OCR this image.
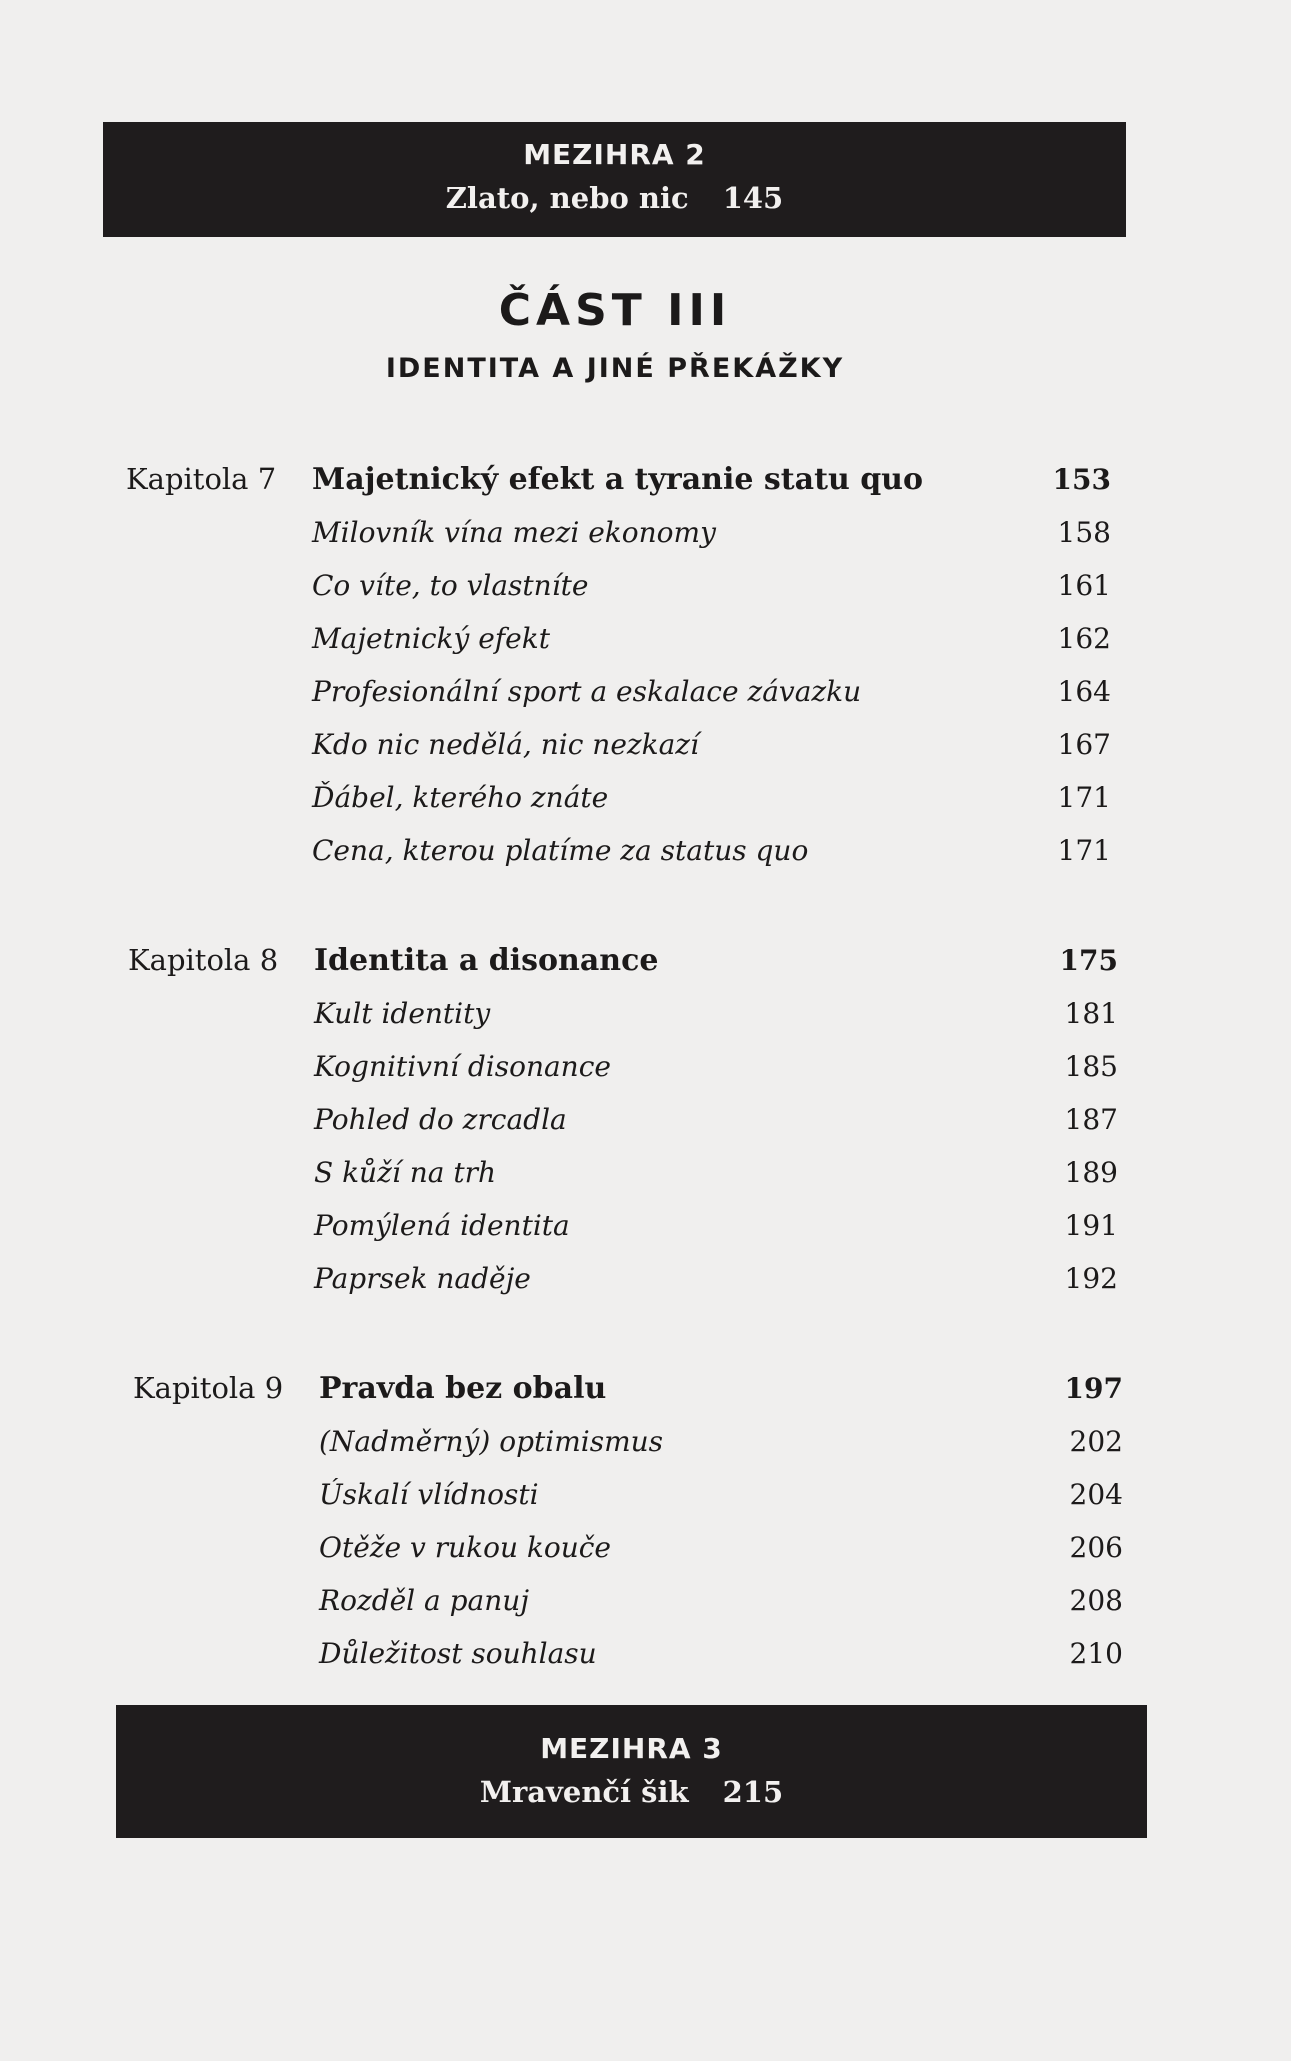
MEZIHRA 2
Zlato, nebo nic 145
ČÁST III
IDENTITA A JINÉ PŘEKÁŽKY
Kapitola 7 Majetnický efekt a tyranie statu quo	153
Milovník vína mezi ekonomy	158
Co víte, to vlastníte	161
Majetnický efekt	162
Profesionální sport a eskalace závazku	164
Kdo nic nedělá, nic nezkazí	167
Ďábel, kterého znáte	171
Cena, kterou platíme za status quo	171
Kapitola 8 Identita a disonance	175
Kult identity	181
Kognitivní disonance	185
Pohled do zrcadla	187
S kůží na trh	189
Pomýlená identita	191
Paprsek naděje	192
Kapitola 9 Pravda bez obalu	197
(Nadměrný) optimismus	202
Úskalí vlídnosti	204
Otěže v rukou kouče	206
Rozděl a panuj	208
Důležitost souhlasu	210
MEZIHRA 3
Mravenčí šik 215
